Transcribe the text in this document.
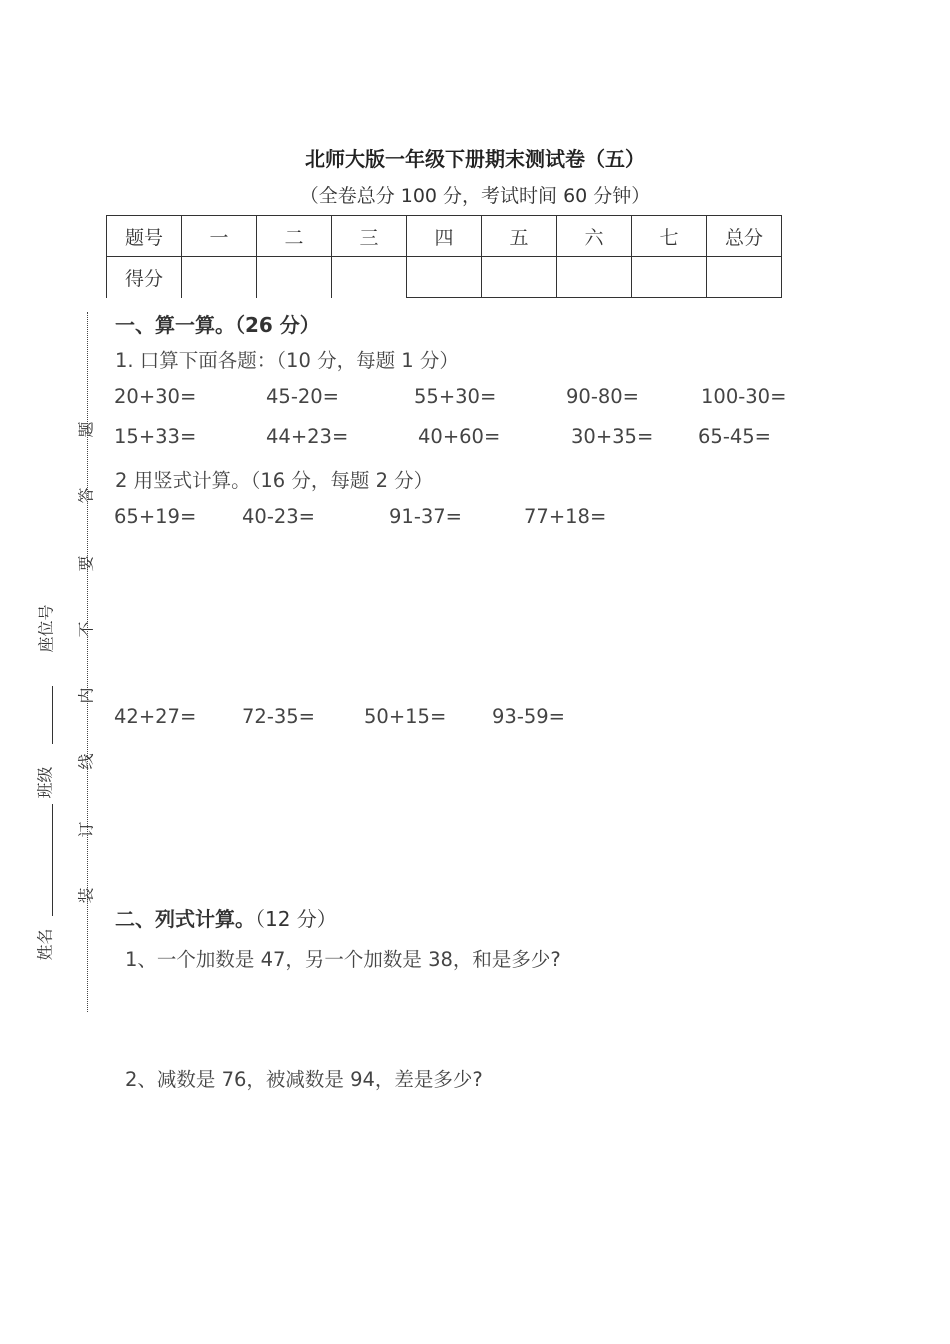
北师大版一年级下册期末测试卷（五）
（全卷总分 100 分，考试时间 60 分钟）
题号	一	二	三	四	五	六	七	总分
得分								
题
答
要
不
内
线
订
装
座位号
班级
姓名
一、算一算。（26 分）
1. 口算下面各题：（10 分，每题 1 分）
20+30=	45-20=	55+30=	90-80=	100-30=
15+33=	44+23=	40+60=	30+35= 65-45=
2 用竖式计算。（16 分，每题 2 分）
65+19= 40-23=	91-37=	77+18=
42+27= 72-35=	50+15= 93-59=
二、列式计算。（12 分）
1、一个加数是 47，另一个加数是 38，和是多少?
2、减数是 76，被减数是 94，差是多少?
